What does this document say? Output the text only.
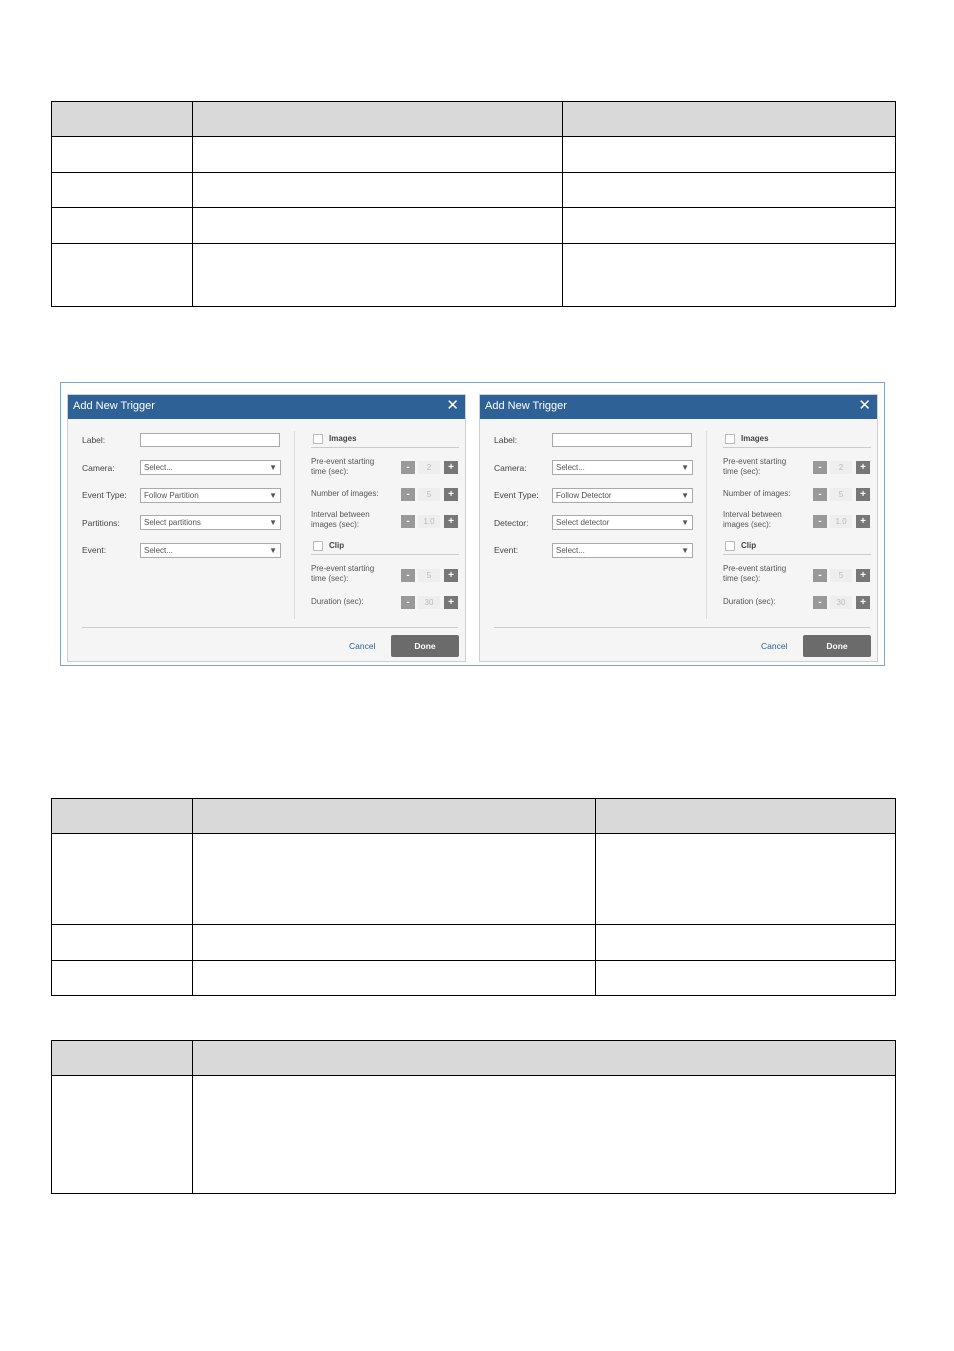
Add New Trigger	✕
Label:
Camera:	Select...	▼
Event Type:	Follow Partition	▼
Partitions:	Select partitions	▼
Event:	Select...	▼
Images
Pre-event starting time (sec):	-	2	+
Number of images:	-	5	+
Interval between images (sec):	-	1.0	+
Clip
Pre-event starting time (sec):	-	5	+
Duration (sec):	-	30	+
Cancel	Done
Add New Trigger	✕
Label:
Camera:	Select...	▼
Event Type:	Follow Detector	▼
Detector:	Select detector	▼
Event:	Select...	▼
Images
Pre-event starting time (sec):	-	2	+
Number of images:	-	5	+
Interval between images (sec):	-	1.0	+
Clip
Pre-event starting time (sec):	-	5	+
Duration (sec):	-	30	+
Cancel	Done
